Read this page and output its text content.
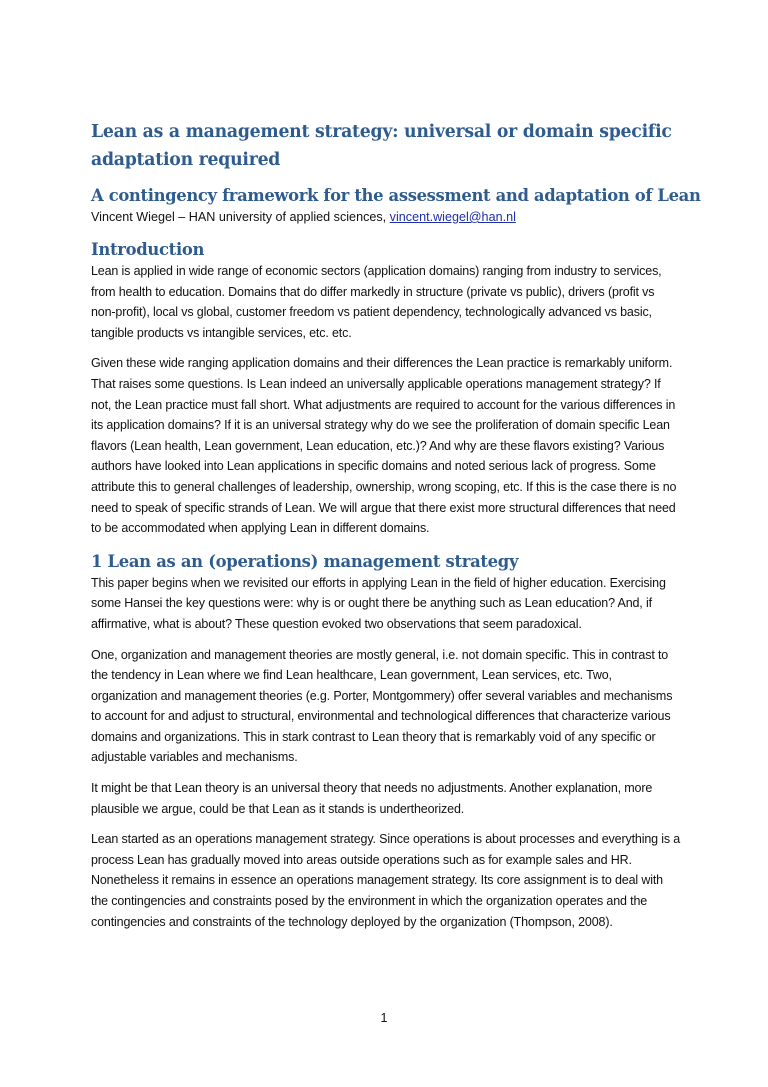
Lean as a management strategy: universal or domain specific adaptation required
A contingency framework for the assessment and adaptation of Lean

Vincent Wiegel – HAN university of applied sciences, vincent.wiegel@han.nl

Introduction

Lean is applied in wide range of economic sectors (application domains) ranging from industry to services, from health to education. Domains that do differ markedly in structure (private vs public), drivers (profit vs non-profit), local vs global, customer freedom vs patient dependency, technologically advanced vs basic, tangible products vs intangible services, etc. etc.

Given these wide ranging application domains and their differences the Lean practice is remarkably uniform. That raises some questions. Is Lean indeed an universally applicable operations management strategy? If not, the Lean practice must fall short. What adjustments are required to account for the various differences in its application domains? If it is an universal strategy why do we see the proliferation of domain specific Lean flavors (Lean health, Lean government, Lean education, etc.)? And why are these flavors existing? Various authors have looked into Lean applications in specific domains and noted serious lack of progress. Some attribute this to general challenges of leadership, ownership, wrong scoping, etc. If this is the case there is no need to speak of specific strands of Lean. We will argue that there exist more structural differences that need to be accommodated when applying Lean in different domains.

1 Lean as an (operations) management strategy

This paper begins when we revisited our efforts in applying Lean in the field of higher education. Exercising some Hansei the key questions were: why is or ought there be anything such as Lean education? And, if affirmative, what is about? These question evoked two observations that seem paradoxical.

One, organization and management theories are mostly general, i.e. not domain specific. This in contrast to the tendency in Lean where we find Lean healthcare, Lean government, Lean services, etc. Two, organization and management theories (e.g. Porter, Montgommery) offer several variables and mechanisms to account for and adjust to structural, environmental and technological differences that characterize various domains and organizations. This in stark contrast to Lean theory that is remarkably void of any specific or adjustable variables and mechanisms.

It might be that Lean theory is an universal theory that needs no adjustments. Another explanation, more plausible we argue, could be that Lean as it stands is undertheorized.

Lean started as an operations management strategy. Since operations is about processes and everything is a process Lean has gradually moved into areas outside operations such as for example sales and HR. Nonetheless it remains in essence an operations management strategy. Its core assignment is to deal with the contingencies and constraints posed by the environment in which the organization operates and the contingencies and constraints of the technology deployed by the organization (Thompson, 2008).

1
